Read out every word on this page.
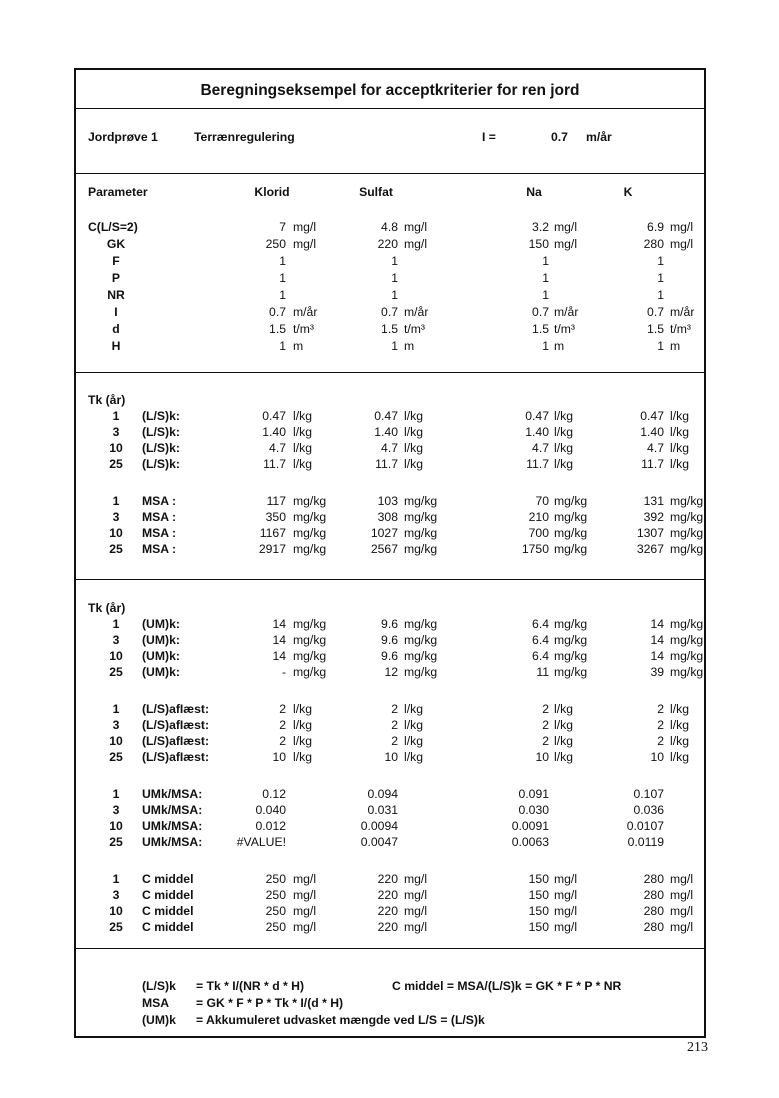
Beregningseksempel for acceptkriterier for ren jord
Jordprøve 1	Terrænregulering	I =	0.7 m/år
Parameter	Klorid	Sulfat	Na	K
C(L/S=2)	7 mg/l	4.8 mg/l	3.2 mg/l	6.9 mg/l
GK	250 mg/l	220 mg/l	150 mg/l	280 mg/l
F	1	1	1	1
P	1	1	1	1
NR	1	1	1	1
I	0.7 m/år	0.7 m/år	0.7 m/år	0.7 m/år
d	1.5 t/m³	1.5 t/m³	1.5 t/m³	1.5 t/m³
H	1 m	1 m	1 m	1 m
Tk (år)
1	(L/S)k:	0.47 l/kg	0.47 l/kg	0.47 l/kg	0.47 l/kg
3	(L/S)k:	1.40 l/kg	1.40 l/kg	1.40 l/kg	1.40 l/kg
10	(L/S)k:	4.7 l/kg	4.7 l/kg	4.7 l/kg	4.7 l/kg
25	(L/S)k:	11.7 l/kg	11.7 l/kg	11.7 l/kg	11.7 l/kg
1	MSA :	117 mg/kg	103 mg/kg	70 mg/kg	131 mg/kg
3	MSA :	350 mg/kg	308 mg/kg	210 mg/kg	392 mg/kg
10	MSA :	1167 mg/kg	1027 mg/kg	700 mg/kg	1307 mg/kg
25	MSA :	2917 mg/kg	2567 mg/kg	1750 mg/kg	3267 mg/kg
Tk (år)
1	(UM)k:	14 mg/kg	9.6 mg/kg	6.4 mg/kg	14 mg/kg
3	(UM)k:	14 mg/kg	9.6 mg/kg	6.4 mg/kg	14 mg/kg
10	(UM)k:	14 mg/kg	9.6 mg/kg	6.4 mg/kg	14 mg/kg
25	(UM)k:	- mg/kg	12 mg/kg	11 mg/kg	39 mg/kg
1	(L/S)afIæst:	2 l/kg	2 l/kg	2 l/kg	2 l/kg
3	(L/S)afIæst:	2 l/kg	2 l/kg	2 l/kg	2 l/kg
10	(L/S)afIæst:	2 l/kg	2 l/kg	2 l/kg	2 l/kg
25	(L/S)afIæst:	10 l/kg	10 l/kg	10 l/kg	10 l/kg
1	UMk/MSA:	0.12	0.094	0.091	0.107
3	UMk/MSA:	0.040	0.031	0.030	0.036
10	UMk/MSA:	0.012	0.0094	0.0091	0.0107
25	UMk/MSA:	#VALUE!	0.0047	0.0063	0.0119
1	C middel	250 mg/l	220 mg/l	150 mg/l	280 mg/l
3	C middel	250 mg/l	220 mg/l	150 mg/l	280 mg/l
10	C middel	250 mg/l	220 mg/l	150 mg/l	280 mg/l
25	C middel	250 mg/l	220 mg/l	150 mg/l	280 mg/l
(L/S)k = Tk * I/(NR * d * H)	C middel = MSA/(L/S)k = GK * F * P * NR
MSA = GK * F * P * Tk * I/(d * H)
(UM)k = Akkumuleret udvasket mængde ved L/S = (L/S)k
213
